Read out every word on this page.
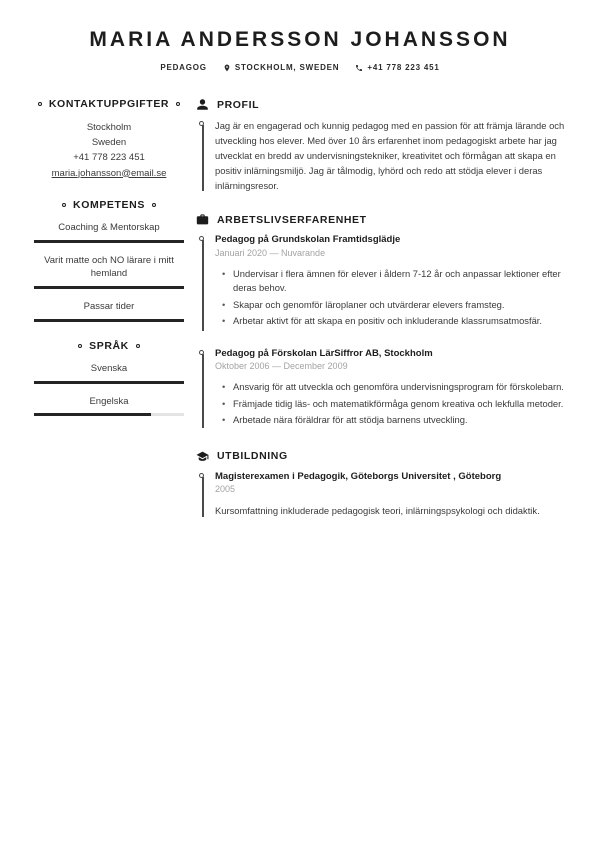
MARIA ANDERSSON JOHANSSON
PEDAGOG	STOCKHOLM, SWEDEN	+41 778 223 451
KONTAKTUPPGIFTER
Stockholm
Sweden
+41 778 223 451
maria.johansson@email.se
KOMPETENS
Coaching & Mentorskap
Varit matte och NO lärare i mitt hemland
Passar tider
SPRÅK
Svenska
Engelska
PROFIL

Jag är en engagerad och kunnig pedagog med en passion för att främja lärande och utveckling hos elever. Med över 10 års erfarenhet inom pedagogiskt arbete har jag utvecklat en bredd av undervisningstekniker, kreativitet och förmågan att skapa en positiv inlärningsmiljö. Jag är tålmodig, lyhörd och redo att stödja elever i deras inlärningsresor.

ARBETSLIVSERFARENHET
Pedagog på Grundskolan Framtidsglädje
Januari 2020 — Nuvarande
• Undervisar i flera ämnen för elever i åldern 7-12 år och anpassar lektioner efter deras behov.
• Skapar och genomför läroplaner och utvärderar elevers framsteg.
• Arbetar aktivt för att skapa en positiv och inkluderande klassrumsatmosfär.
Pedagog på Förskolan LärSiffror AB, Stockholm
Oktober 2006 — December 2009
• Ansvarig för att utveckla och genomföra undervisningsprogram för förskolebarn.
• Främjade tidig läs- och matematikförmåga genom kreativa och lekfulla metoder.
• Arbetade nära föräldrar för att stödja barnens utveckling.
UTBILDNING
Magisterexamen i Pedagogik, Göteborgs Universitet , Göteborg
2005

Kursomfattning inkluderade pedagogisk teori, inlärningspsykologi och didaktik.
